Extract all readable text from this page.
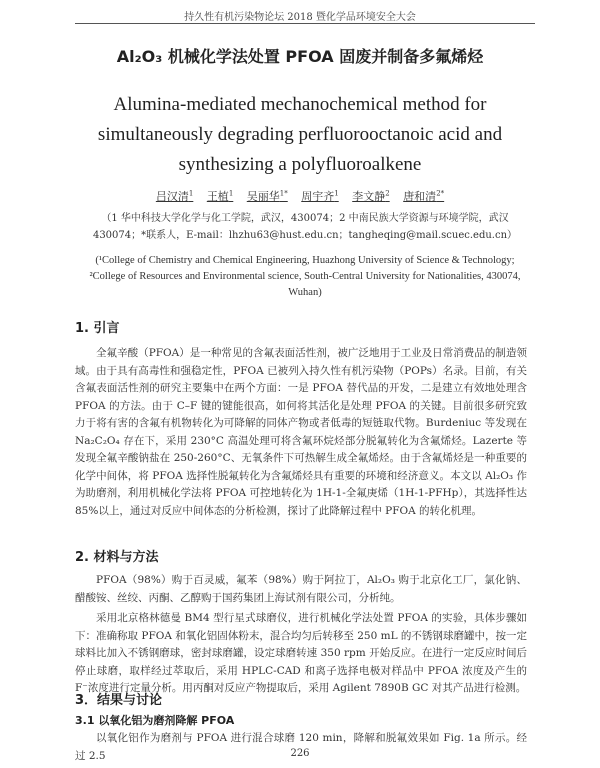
持久性有机污染物论坛 2018 暨化学品环境安全大会
Al₂O₃ 机械化学法处置 PFOA 固废并制备多氟烯烃
Alumina-mediated mechanochemical method for
simultaneously degrading perfluorooctanoic acid and
synthesizing a polyfluoroalkene
吕汉清$^1$ 王植$^1$ 吴丽华$^{1*}$ 周宇齐$^1$ 李文静$^2$ 唐和清$^{2*}$
（1 华中科技大学化学与化工学院，武汉，430074；2 中南民族大学资源与环境学院，武汉
430074；*联系人，E-mail：lhzhu63@hust.edu.cn；tangheqing@mail.scuec.edu.cn）
(¹College of Chemistry and Chemical Engineering, Huazhong University of Science & Technology;
²College of Resources and Environmental science, South-Central University for Nationalities, 430074,
Wuhan)
1. 引言
全氟辛酸（PFOA）是一种常见的含氟表面活性剂，被广泛地用于工业及日常消费品的制造领域。由于具有高毒性和强稳定性，PFOA 已被列入持久性有机污染物（POPs）名录。目前，有关含氟表面活性剂的研究主要集中在两个方面：一是 PFOA 替代品的开发，二是建立有效地处理含 PFOA 的方法。由于 C–F 键的键能很高，如何将其活化是处理 PFOA 的关键。目前很多研究致力于将有害的含氟有机物转化为可降解的同体产物或者低毒的短链取代物。Burdeniuc 等发现在 Na₂C₂O₄ 存在下，采用 230°C 高温处理可将含氟环烷烃部分脱氟转化为含氟烯烃。Lazerte 等发现全氟辛酸钠盐在 250-260°C、无氧条件下可热解生成全氟烯烃。由于含氟烯烃是一种重要的化学中间体，将 PFOA 选择性脱氟转化为含氟烯烃具有重要的环境和经济意义。本文以 Al₂O₃ 作为助磨剂，利用机械化学法将 PFOA 可控地转化为 1H-1-全氟庚烯（1H-1-PFHp），其选择性达 85%以上，通过对反应中间体态的分析检测，探讨了此降解过程中 PFOA 的转化机理。
2. 材料与方法
PFOA（98%）购于百灵威，氟苯（98%）购于阿拉丁，Al₂O₃ 购于北京化工厂，氯化钠、醋酸铵、丝绞、丙酮、乙醇购于国药集团上海试剂有限公司，分析纯。
采用北京格林德曼 BM4 型行星式球磨仪，进行机械化学法处置 PFOA 的实验，具体步骤如下：准确称取 PFOA 和氧化铝固体粉末，混合均匀后转移至 250 mL 的不锈钢球磨罐中，按一定球料比加入不锈钢磨球，密封球磨罐，设定球磨转速 350 rpm 开始反应。在进行一定反应时间后停止球磨，取样经过萃取后，采用 HPLC-CAD 和离子选择电极对样品中 PFOA 浓度及产生的 F⁻浓度进行定量分析。用丙酮对反应产物提取后，采用 Agilent 7890B GC 对其产品进行检测。
3．结果与讨论
3.1 以氧化铝为磨剂降解 PFOA
以氧化铝作为磨剂与 PFOA 进行混合球磨 120 min，降解和脱氟效果如 Fig. 1a 所示。经过 2.5	226
